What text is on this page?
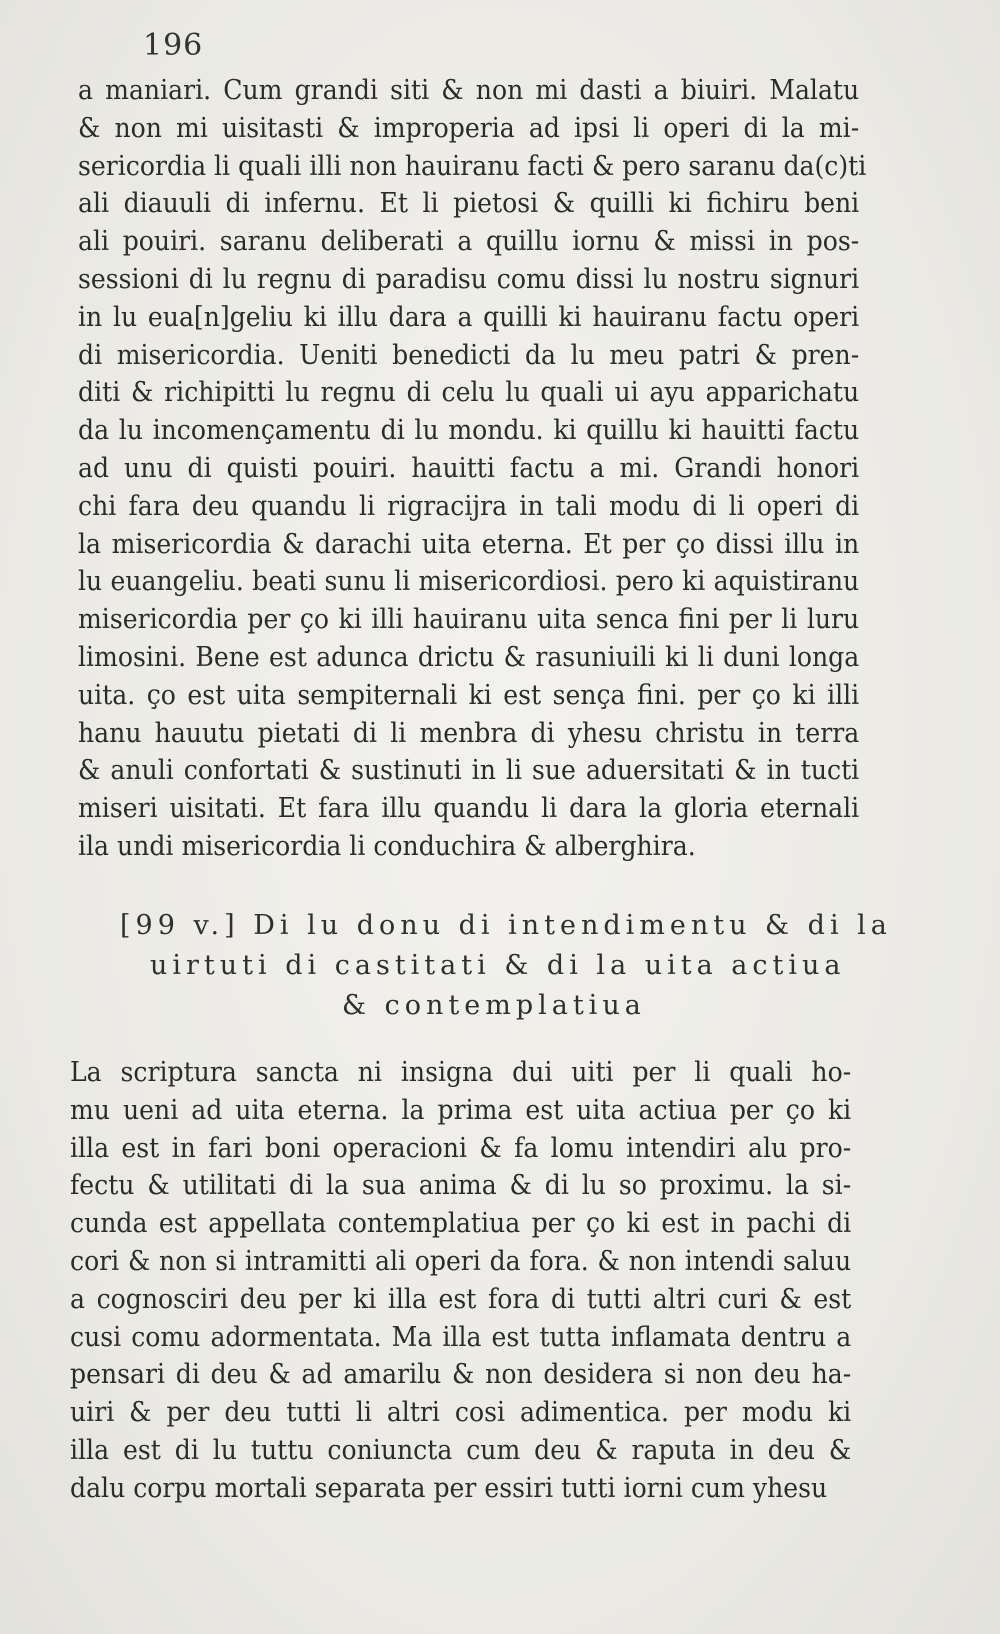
196
a maniari. Cum grandi siti & non mi dasti a biuiri. Malatu
& non mi uisitasti & improperia ad ipsi li operi di la mi-
sericordia li quali illi non hauiranu facti & pero saranu da(c)ti
ali diauuli di infernu. Et li pietosi & quilli ki fichiru beni
ali pouiri. saranu deliberati a quillu iornu & missi in pos-
sessioni di lu regnu di paradisu comu dissi lu nostru signuri
in lu eua[n]geliu ki illu dara a quilli ki hauiranu factu operi
di misericordia. Ueniti benedicti da lu meu patri & pren-
diti & richipitti lu regnu di celu lu quali ui ayu apparichatu
da lu incomençamentu di lu mondu. ki quillu ki hauitti factu
ad unu di quisti pouiri. hauitti factu a mi. Grandi honori
chi fara deu quandu li rigracijra in tali modu di li operi di
la misericordia & darachi uita eterna. Et per ço dissi illu in
lu euangeliu. beati sunu li misericordiosi. pero ki aquistiranu
misericordia per ço ki illi hauiranu uita senca fini per li luru
limosini. Bene est adunca drictu & rasuniuili ki li duni longa
uita. ço est uita sempiternali ki est sença fini. per ço ki illi
hanu hauutu pietati di li menbra di yhesu christu in terra
& anuli confortati & sustinuti in li sue aduersitati & in tucti
miseri uisitati. Et fara illu quandu li dara la gloria eternali
ila undi misericordia li conduchira & alberghira.
[99 v.] Di lu donu di intendimentu & di la
uirtuti di castitati & di la uita actiua
& contemplatiua
La scriptura sancta ni insigna dui uiti per li quali ho-
mu ueni ad uita eterna. la prima est uita actiua per ço ki
illa est in fari boni operacioni & fa lomu intendiri alu pro-
fectu & utilitati di la sua anima & di lu so proximu. la si-
cunda est appellata contemplatiua per ço ki est in pachi di
cori & non si intramitti ali operi da fora. & non intendi saluu
a cognosciri deu per ki illa est fora di tutti altri curi & est
cusi comu adormentata. Ma illa est tutta inflamata dentru a
pensari di deu & ad amarilu & non desidera si non deu ha-
uiri & per deu tutti li altri cosi adimentica. per modu ki
illa est di lu tuttu coniuncta cum deu & raputa in deu &
dalu corpu mortali separata per essiri tutti iorni cum yhesu
